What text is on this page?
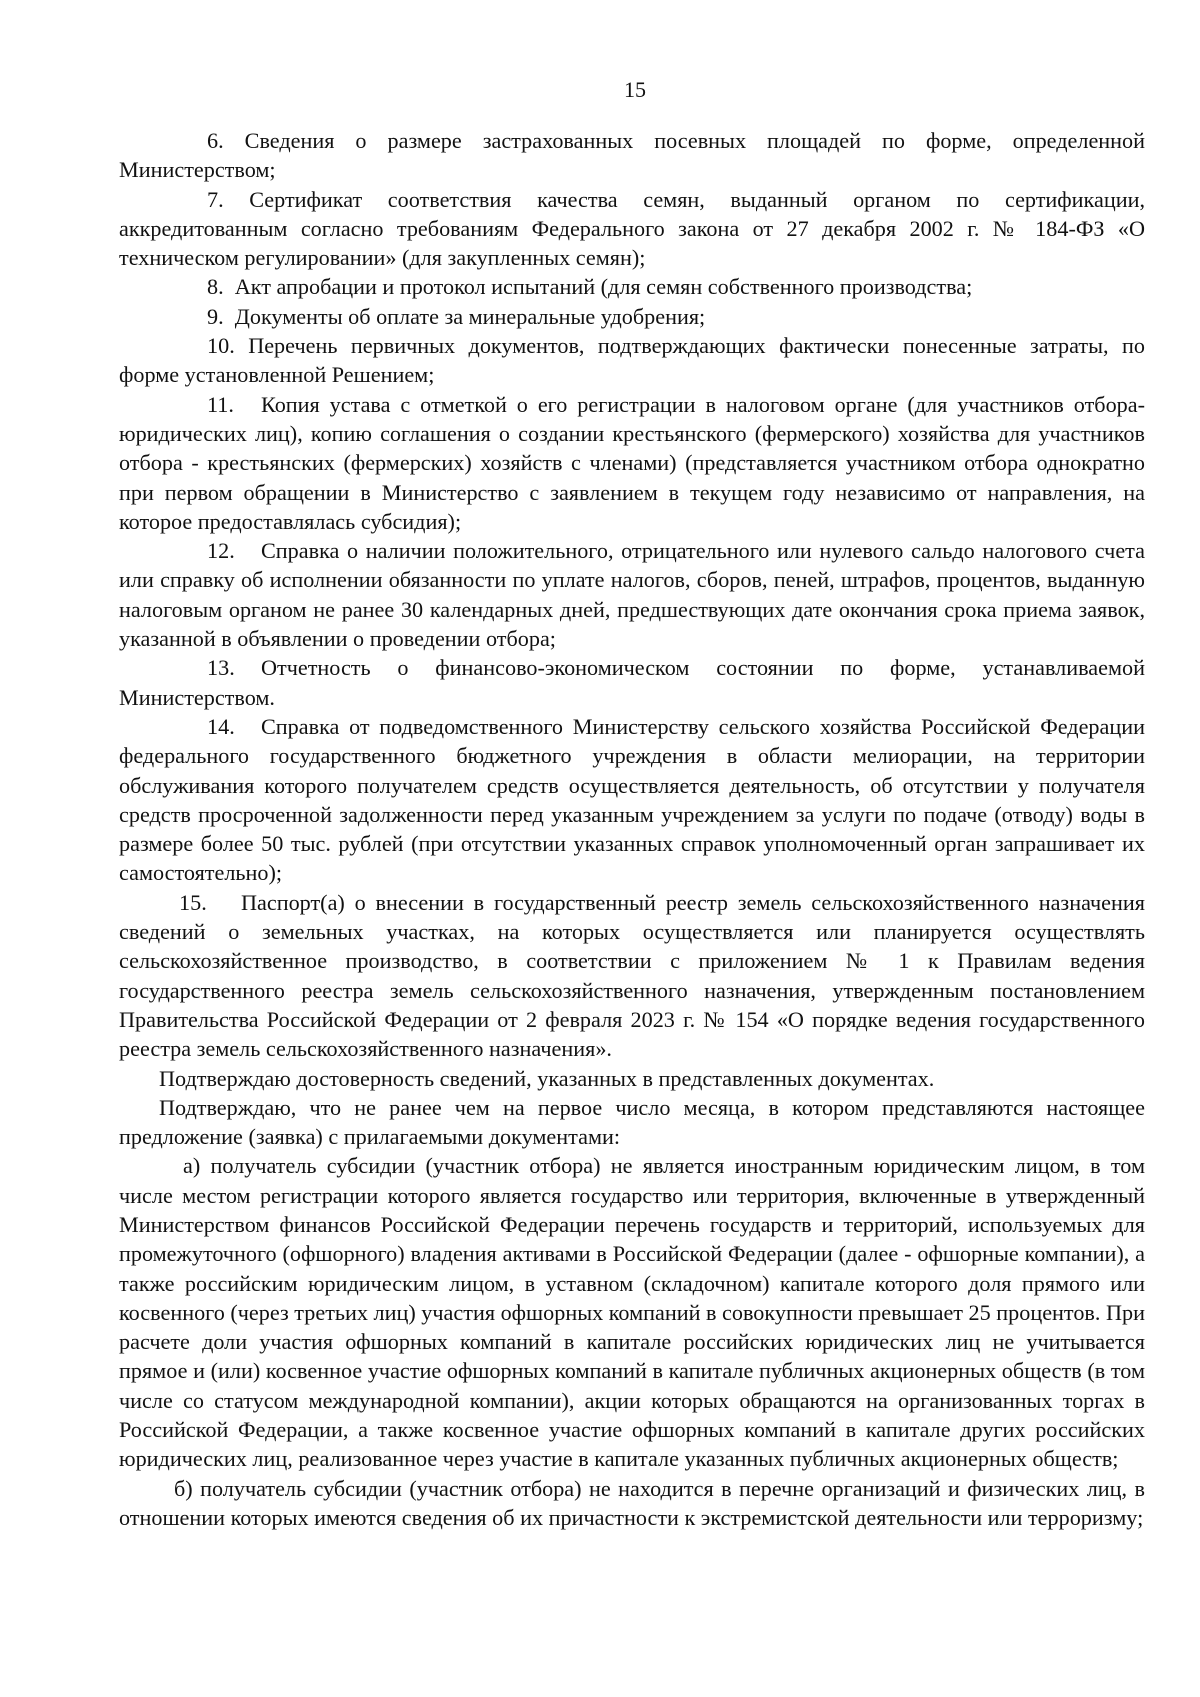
15

6. Сведения о размере застрахованных посевных площадей по форме, определенной Министерством;

7. Сертификат соответствия качества семян, выданный органом по сертификации, аккредитованным согласно требованиям Федерального закона от 27 декабря 2002 г. № 184-ФЗ «О техническом регулировании» (для закупленных семян);

8. Акт апробации и протокол испытаний (для семян собственного производства;

9. Документы об оплате за минеральные удобрения;

10. Перечень первичных документов, подтверждающих фактически понесенные затраты, по форме установленной Решением;

11. Копия устава с отметкой о его регистрации в налоговом органе (для участников отбора-юридических лиц), копию соглашения о создании крестьянского (фермерского) хозяйства для участников отбора - крестьянских (фермерских) хозяйств с членами) (представляется участником отбора однократно при первом обращении в Министерство с заявлением в текущем году независимо от направления, на которое предоставлялась субсидия);

12. Справка о наличии положительного, отрицательного или нулевого сальдо налогового счета или справку об исполнении обязанности по уплате налогов, сборов, пеней, штрафов, процентов, выданную налоговым органом не ранее 30 календарных дней, предшествующих дате окончания срока приема заявок, указанной в объявлении о проведении отбора;

13. Отчетность о финансово-экономическом состоянии по форме, устанавливаемой Министерством.

14. Справка от подведомственного Министерству сельского хозяйства Российской Федерации федерального государственного бюджетного учреждения в области мелиорации, на территории обслуживания которого получателем средств осуществляется деятельность, об отсутствии у получателя средств просроченной задолженности перед указанным учреждением за услуги по подаче (отводу) воды в размере более 50 тыс. рублей (при отсутствии указанных справок уполномоченный орган запрашивает их самостоятельно);

15. Паспорт(а) о внесении в государственный реестр земель сельскохозяйственного назначения сведений о земельных участках, на которых осуществляется или планируется осуществлять сельскохозяйственное производство, в соответствии с приложением № 1 к Правилам ведения государственного реестра земель сельскохозяйственного назначения, утвержденным постановлением Правительства Российской Федерации от 2 февраля 2023 г. № 154 «О порядке ведения государственного реестра земель сельскохозяйственного назначения».

Подтверждаю достоверность сведений, указанных в представленных документах.

Подтверждаю, что не ранее чем на первое число месяца, в котором представляются настоящее предложение (заявка) с прилагаемыми документами:

а) получатель субсидии (участник отбора) не является иностранным юридическим лицом, в том числе местом регистрации которого является государство или территория, включенные в утвержденный Министерством финансов Российской Федерации перечень государств и территорий, используемых для промежуточного (офшорного) владения активами в Российской Федерации (далее - офшорные компании), а также российским юридическим лицом, в уставном (складочном) капитале которого доля прямого или косвенного (через третьих лиц) участия офшорных компаний в совокупности превышает 25 процентов. При расчете доли участия офшорных компаний в капитале российских юридических лиц не учитывается прямое и (или) косвенное участие офшорных компаний в капитале публичных акционерных обществ (в том числе со статусом международной компании), акции которых обращаются на организованных торгах в Российской Федерации, а также косвенное участие офшорных компаний в капитале других российских юридических лиц, реализованное через участие в капитале указанных публичных акционерных обществ;

б) получатель субсидии (участник отбора) не находится в перечне организаций и физических лиц, в отношении которых имеются сведения об их причастности к экстремистской деятельности или терроризму;
